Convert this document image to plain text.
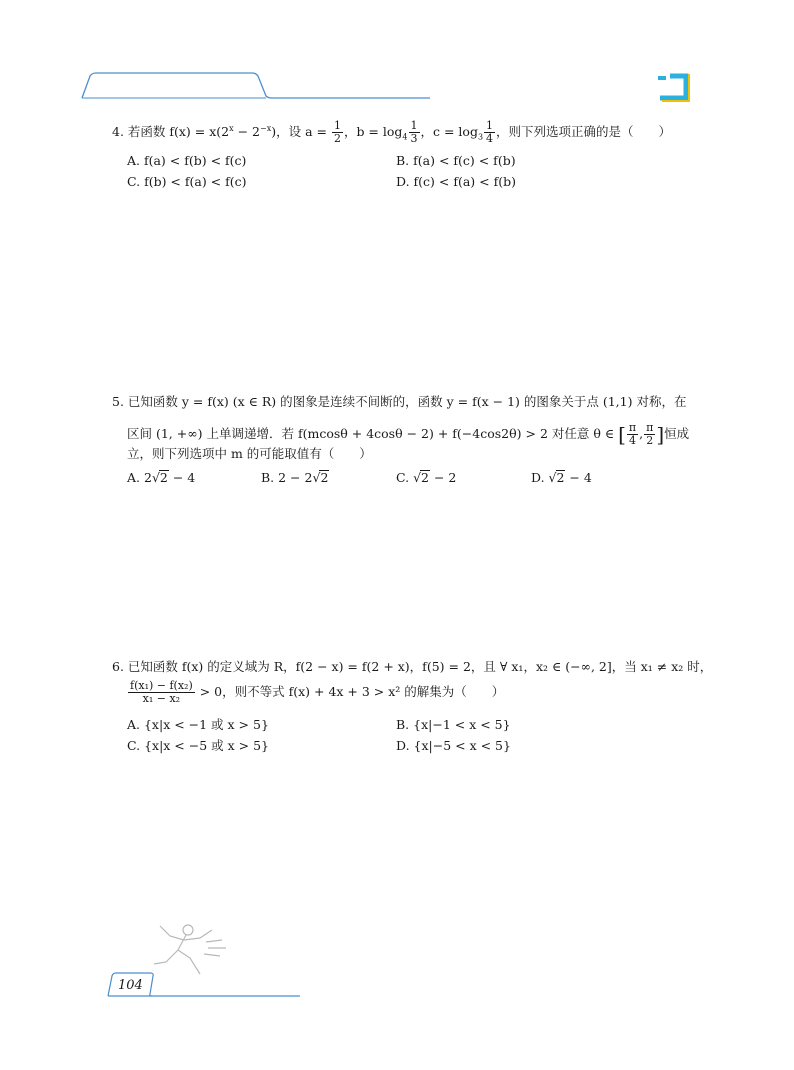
4. 若函数 $f(x) = x(2^x - 2^{-x})$，设 $a = \frac{1}{2}$ ，$b = \log_4 \frac{1}{3}$ ，$c = \log_3 \frac{1}{4}$ ，则下列选项正确的是（　　）
A. f(a) < f(b) < f(c)	B. f(a) < f(c) < f(b)
C. f(b) < f(a) < f(c)	D. f(c) < f(a) < f(b)
5. 已知函数 y = f(x) (x ∈ R) 的图象是连续不间断的，函数 y = f(x − 1) 的图象关于点 (1,1) 对称，在
区间 (1, +∞) 上单调递增．若 f(mcosθ + 4cosθ − 2) + f(−4cos2θ) > 2 对任意 θ ∈ [ $\frac{\pi}{4}$ , $\frac{\pi}{2}$ ]恒成
立，则下列选项中 m 的可能取值有（　　）
A. 2√2 − 4	B. 2 − 2√2	C. √2 − 2	D. √2 − 4
6. 已知函数 f(x) 的定义域为 R，f(2 − x) = f(2 + x)，f(5) = 2，且 ∀ x₁，x₂ ∈ (−∞, 2]，当 x₁ ≠ x₂ 时，
$\frac{\text{f(x₁) − f(x₂)}}{\text{x₁ − x₂}} > 0$，则不等式 f(x) + 4x + 3 > x² 的解集为（　　）
A. {x|x < −1 或 x > 5}	B. {x|−1 < x < 5}
C. {x|x < −5 或 x > 5}	D. {x|−5 < x < 5}
104
